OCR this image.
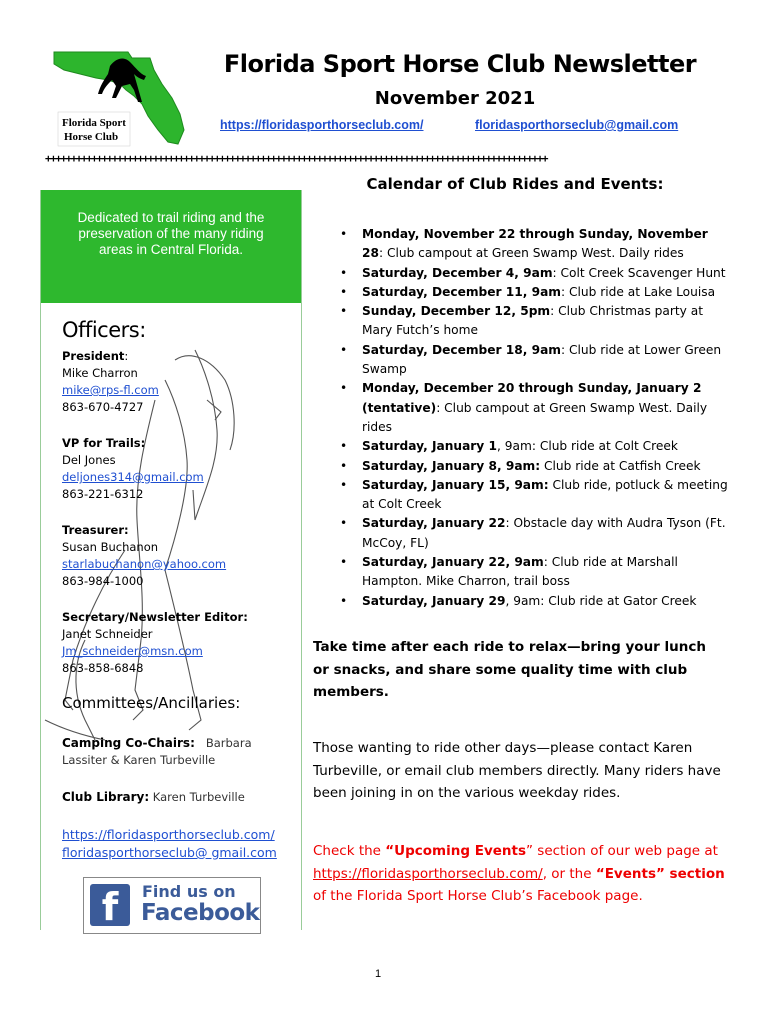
Florida Sport
Horse Club
Florida Sport Horse Club Newsletter
November 2021
https://floridasporthorseclub.com/	floridasporthorseclub@gmail.com
++++++++++++++++++++++++++++++++++++++++++++++++++++++++++++++++++++++++++++++++++++++++++++++++++
Dedicated to trail riding and the
preservation of the many riding
areas in Central Florida.
Officers:
President:
Mike Charron
mike@rps-fl.com
863-670-4727
VP for Trails:
Del Jones
deljones314@gmail.com
863-221-6312
Treasurer:
Susan Buchanon
starlabuchanon@yahoo.com
863-984-1000
Secretary/Newsletter Editor:
Janet Schneider
Jm_schneider@msn.com
863-858-6848
Committees/Ancillaries:
Camping Co-Chairs: Barbara Lassiter & Karen Turbeville
Club Library: Karen Turbeville
https://floridasporthorseclub.com/
floridasporthorseclub@ gmail.com
f	Find us on
Facebook
Calendar of Club Rides and Events:
• Monday, November 22 through Sunday, November 28: Club campout at Green Swamp West. Daily rides
• Saturday, December 4, 9am: Colt Creek Scavenger Hunt
• Saturday, December 11, 9am: Club ride at Lake Louisa
• Sunday, December 12, 5pm: Club Christmas party at Mary Futch’s home
• Saturday, December 18, 9am: Club ride at Lower Green Swamp
• Monday, December 20 through Sunday, January 2 (tentative): Club campout at Green Swamp West. Daily rides
• Saturday, January 1, 9am: Club ride at Colt Creek
• Saturday, January 8, 9am: Club ride at Catfish Creek
• Saturday, January 15, 9am: Club ride, potluck & meeting at Colt Creek
• Saturday, January 22: Obstacle day with Audra Tyson (Ft. McCoy, FL)
• Saturday, January 22, 9am: Club ride at Marshall Hampton. Mike Charron, trail boss
• Saturday, January 29, 9am: Club ride at Gator Creek
Take time after each ride to relax—bring your lunch or snacks, and share some quality time with club members.
Those wanting to ride other days—please contact Karen Turbeville, or email club members directly. Many riders have been joining in on the various weekday rides.
Check the “Upcoming Events” section of our web page at https://floridasporthorseclub.com/, or the “Events” section of the Florida Sport Horse Club’s Facebook page.
1
